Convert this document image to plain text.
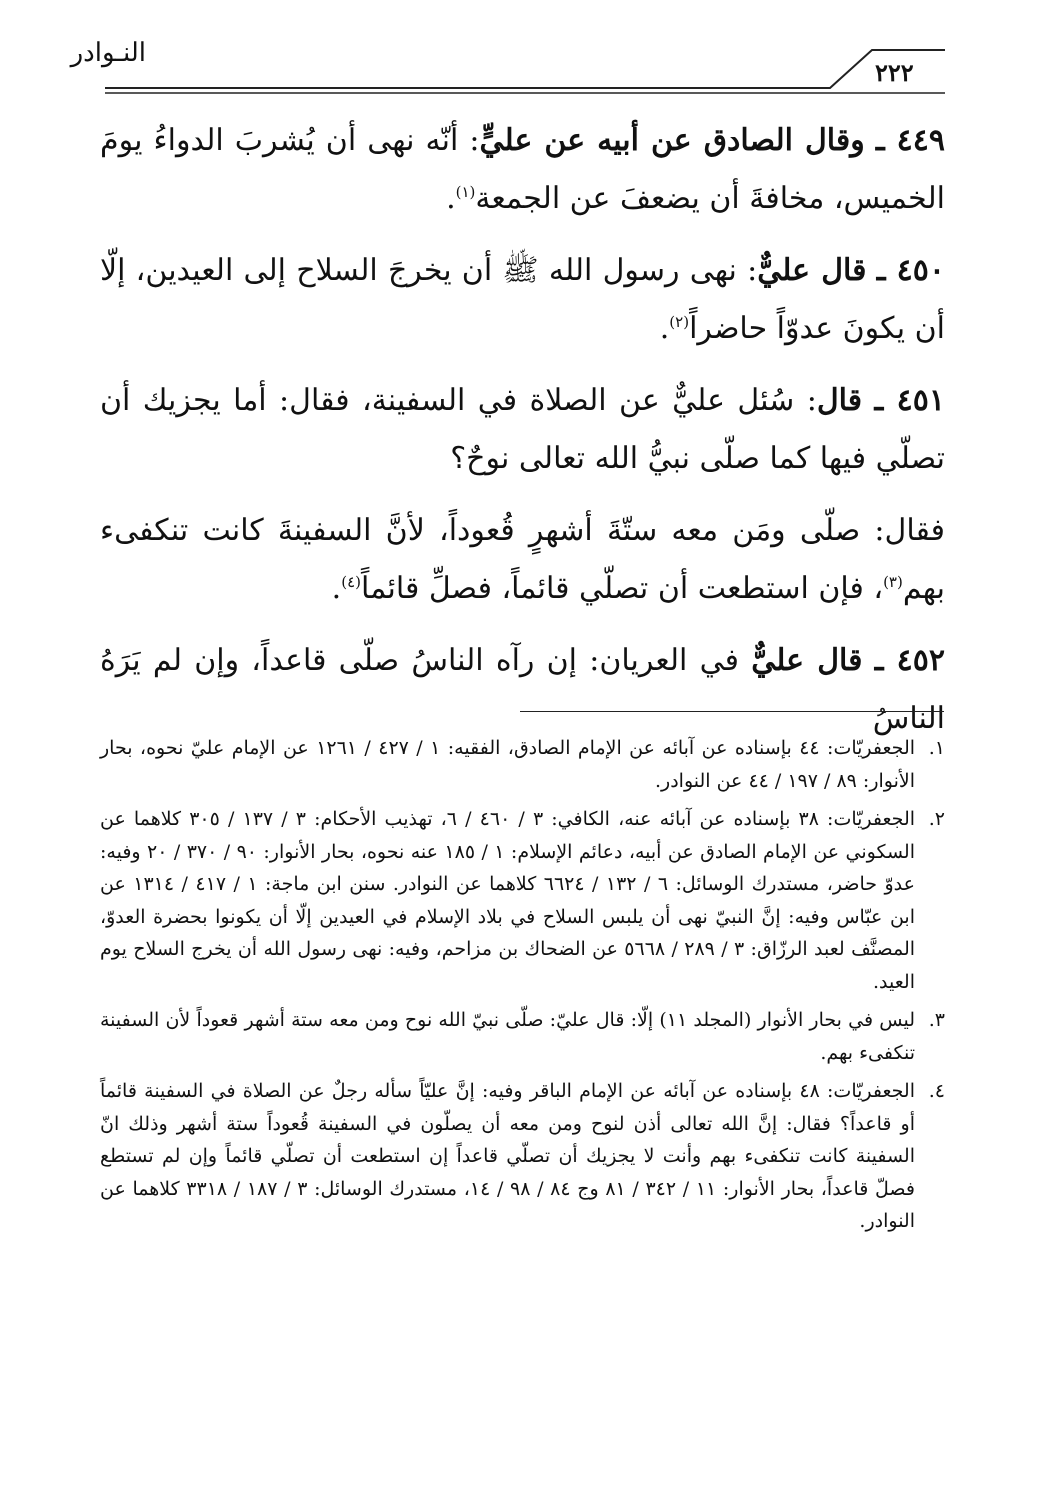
النـوادر
٢٢٢

٤٤٩ ـ وقال الصادق عن أبيه عن عليٍّ: أنّه نهى أن يُشربَ الدواءُ يومَ الخميس، مخافةَ أن يضعفَ عن الجمعة$^{(١)}$.

٤٥٠ ـ قال عليٌّ: نهى رسول الله ﷺ أن يخرجَ السلاح إلى العيدين، إلّا أن يكونَ عدوّاً حاضراً$^{(٢)}$.

٤٥١ ـ قال: سُئل عليٌّ عن الصلاة في السفينة، فقال: أما يجزيك أن تصلّي فيها كما صلّى نبيُّ الله تعالى نوحٌ؟

فقال: صلّى ومَن معه ستّةَ أشهرٍ قُعوداً، لأنَّ السفينةَ كانت تنكفىء بهم$^{(٣)}$، فإن استطعت أن تصلّي قائماً، فصلِّ قائماً$^{(٤)}$.

٤٥٢ ـ قال عليٌّ في العريان: إن رآه الناسُ صلّى قاعداً، وإن لم يَرَهُ الناسُ

١.
الجعفريّات: ٤٤ بإسناده عن آبائه عن الإمام الصادق، الفقيه: ١ / ٤٢٧ / ١٢٦١ عن الإمام عليّ نحوه، بحار الأنوار: ٨٩ / ١٩٧ / ٤٤ عن النوادر.

٢.
الجعفريّات: ٣٨ بإسناده عن آبائه عنه، الكافي: ٣ / ٤٦٠ / ٦، تهذيب الأحكام: ٣ / ١٣٧ / ٣٠٥ كلاهما عن السكوني عن الإمام الصادق عن أبيه، دعائم الإسلام: ١ / ١٨٥ عنه نحوه، بحار الأنوار: ٩٠ / ٣٧٠ / ٢٠ وفيه: عدوّ حاضر، مستدرك الوسائل: ٦ / ١٣٢ / ٦٦٢٤ كلاهما عن النوادر. سنن ابن ماجة: ١ / ٤١٧ / ١٣١٤ عن ابن عبّاس وفيه: إنَّ النبيّ نهى أن يلبس السلاح في بلاد الإسلام في العيدين إلّا أن يكونوا بحضرة العدوّ، المصنَّف لعبد الرزّاق: ٣ / ٢٨٩ / ٥٦٦٨ عن الضحاك بن مزاحم، وفيه: نهى رسول الله أن يخرج السلاح يوم العيد.

٣.
ليس في بحار الأنوار (المجلد ١١) إلّا: قال عليّ: صلّى نبيّ الله نوح ومن معه ستة أشهر قعوداً لأن السفينة تنكفىء بهم.

٤.
الجعفريّات: ٤٨ بإسناده عن آبائه عن الإمام الباقر وفيه: إنَّ عليّاً سأله رجلٌ عن الصلاة في السفينة قائماً أو قاعداً؟ فقال: إنَّ الله تعالى أذن لنوح ومن معه أن يصلّون في السفينة قُعوداً ستة أشهر وذلك انّ السفينة كانت تنكفىء بهم وأنت لا يجزيك أن تصلّي قاعداً إن استطعت أن تصلّي قائماً وإن لم تستطع فصلّ قاعداً، بحار الأنوار: ١١ / ٣٤٢ / ٨١ وج ٨٤ / ٩٨ / ١٤، مستدرك الوسائل: ٣ / ١٨٧ / ٣٣١٨ كلاهما عن النوادر.
